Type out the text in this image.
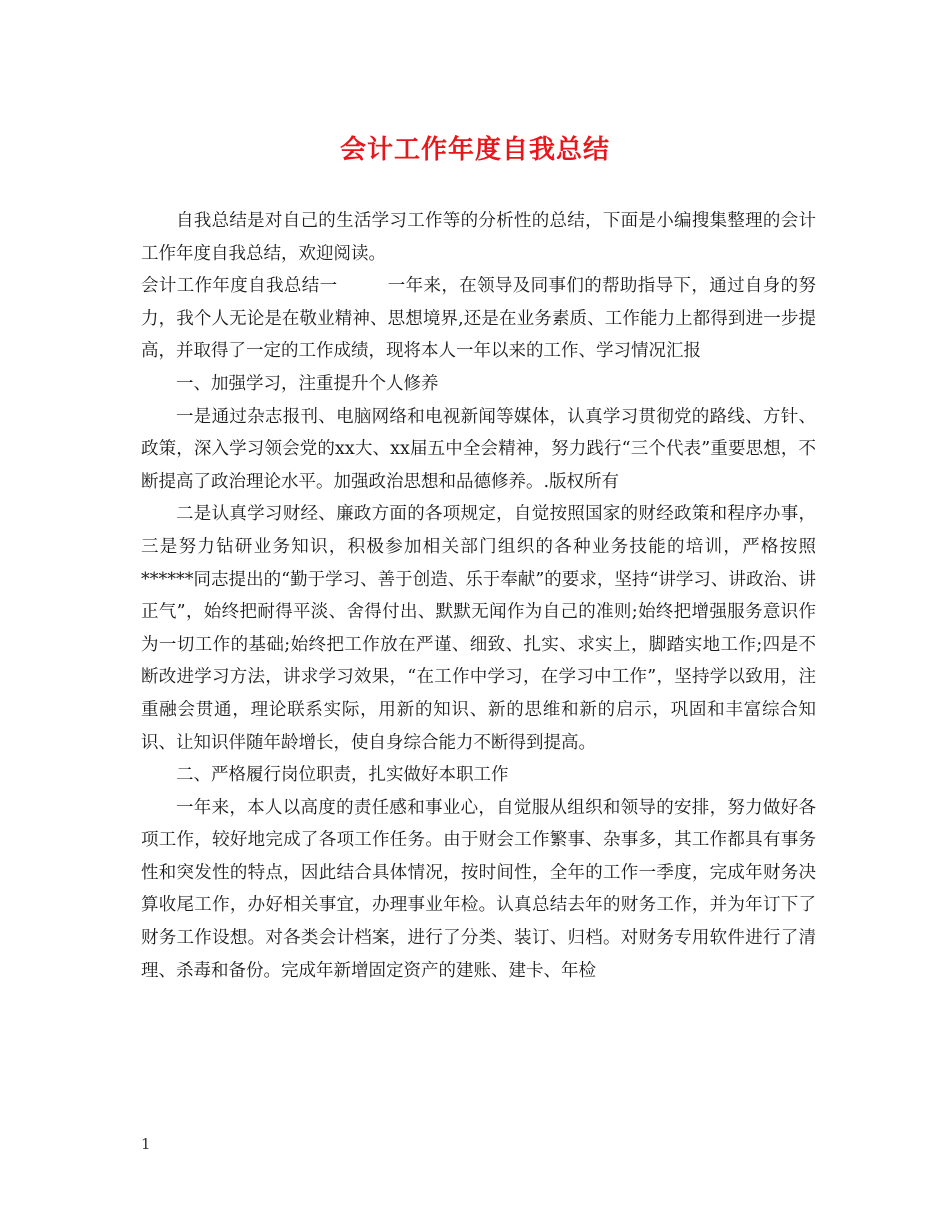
会计工作年度自我总结

自我总结是对自己的生活学习工作等的分析性的总结，下面是小编搜集整理的会计工作年度自我总结，欢迎阅读。

会计工作年度自我总结一	一年来，在领导及同事们的帮助指导下，通过自身的努力，我个人无论是在敬业精神、思想境界,还是在业务素质、工作能力上都得到进一步提高，并取得了一定的工作成绩，现将本人一年以来的工作、学习情况汇报

一、加强学习，注重提升个人修养

一是通过杂志报刊、电脑网络和电视新闻等媒体，认真学习贯彻党的路线、方针、政策，深入学习领会党的xx大、xx届五中全会精神，努力践行“三个代表”重要思想，不断提高了政治理论水平。加强政治思想和品德修养。.版权所有

二是认真学习财经、廉政方面的各项规定，自觉按照国家的财经政策和程序办事，三是努力钻研业务知识，积极参加相关部门组织的各种业务技能的培训，严格按照******同志提出的“勤于学习、善于创造、乐于奉献”的要求，坚持“讲学习、讲政治、讲正气”，始终把耐得平淡、舍得付出、默默无闻作为自己的准则;始终把增强服务意识作为一切工作的基础;始终把工作放在严谨、细致、扎实、求实上，脚踏实地工作;四是不断改进学习方法，讲求学习效果，“在工作中学习，在学习中工作”，坚持学以致用，注重融会贯通，理论联系实际，用新的知识、新的思维和新的启示，巩固和丰富综合知识、让知识伴随年龄增长，使自身综合能力不断得到提高。

二、严格履行岗位职责，扎实做好本职工作

一年来，本人以高度的责任感和事业心，自觉服从组织和领导的安排，努力做好各项工作，较好地完成了各项工作任务。由于财会工作繁事、杂事多，其工作都具有事务性和突发性的特点，因此结合具体情况，按时间性，全年的工作一季度，完成年财务决算收尾工作，办好相关事宜，办理事业年检。认真总结去年的财务工作，并为年订下了财务工作设想。对各类会计档案，进行了分类、装订、归档。对财务专用软件进行了清理、杀毒和备份。完成年新增固定资产的建账、建卡、年检

1
